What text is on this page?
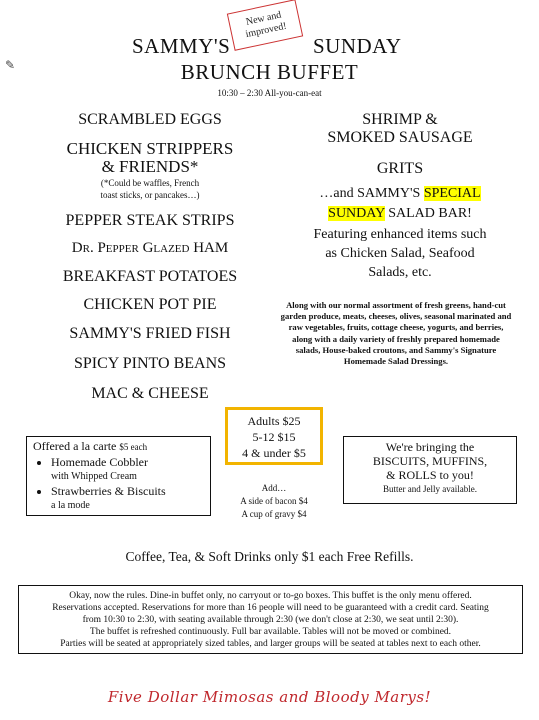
✎
SAMMY'S
New and improved!
SUNDAY
BRUNCH BUFFET
10:30 – 2:30 All-you-can-eat
SCRAMBLED EGGS
CHICKEN STRIPPERS
& FRIENDS*
(*Could be waffles, French
toast sticks, or pancakes…)
PEPPER STEAK STRIPS
Dr. Pepper Glazed HAM
BREAKFAST POTATOES
CHICKEN POT PIE
SAMMY'S FRIED FISH
SPICY PINTO BEANS
MAC & CHEESE
SHRIMP &
SMOKED SAUSAGE
GRITS
…and SAMMY'S SPECIAL
SUNDAY SALAD BAR!
Featuring enhanced items such
as Chicken Salad, Seafood
Salads, etc.
Along with our normal assortment of fresh greens, hand-cut garden produce, meats, cheeses, olives, seasonal marinated and raw vegetables, fruits, cottage cheese, yogurts, and berries, along with a daily variety of freshly prepared homemade salads, House-baked croutons, and Sammy's Signature Homemade Salad Dressings.
Offered a la carte $5 each
• Homemade Cobbler
with Whipped Cream
• Strawberries & Biscuits
a la mode
Adults $25
5-12 $15
4 & under $5
Add…
A side of bacon $4
A cup of gravy $4
We're bringing the
BISCUITS, MUFFINS,
& ROLLS to you!
Butter and Jelly available.
Coffee, Tea, & Soft Drinks only $1 each Free Refills.

Okay, now the rules. Dine-in buffet only, no carryout or to-go boxes. This buffet is the only menu offered.

Reservations accepted. Reservations for more than 16 people will need to be guaranteed with a credit card. Seating

from 10:30 to 2:30, with seating available through 2:30 (we don't close at 2:30, we seat until 2:30).

The buffet is refreshed continuously. Full bar available. Tables will not be moved or combined.

Parties will be seated at appropriately sized tables, and larger groups will be seated at tables next to each other.

Five Dollar Mimosas and Bloody Marys!
